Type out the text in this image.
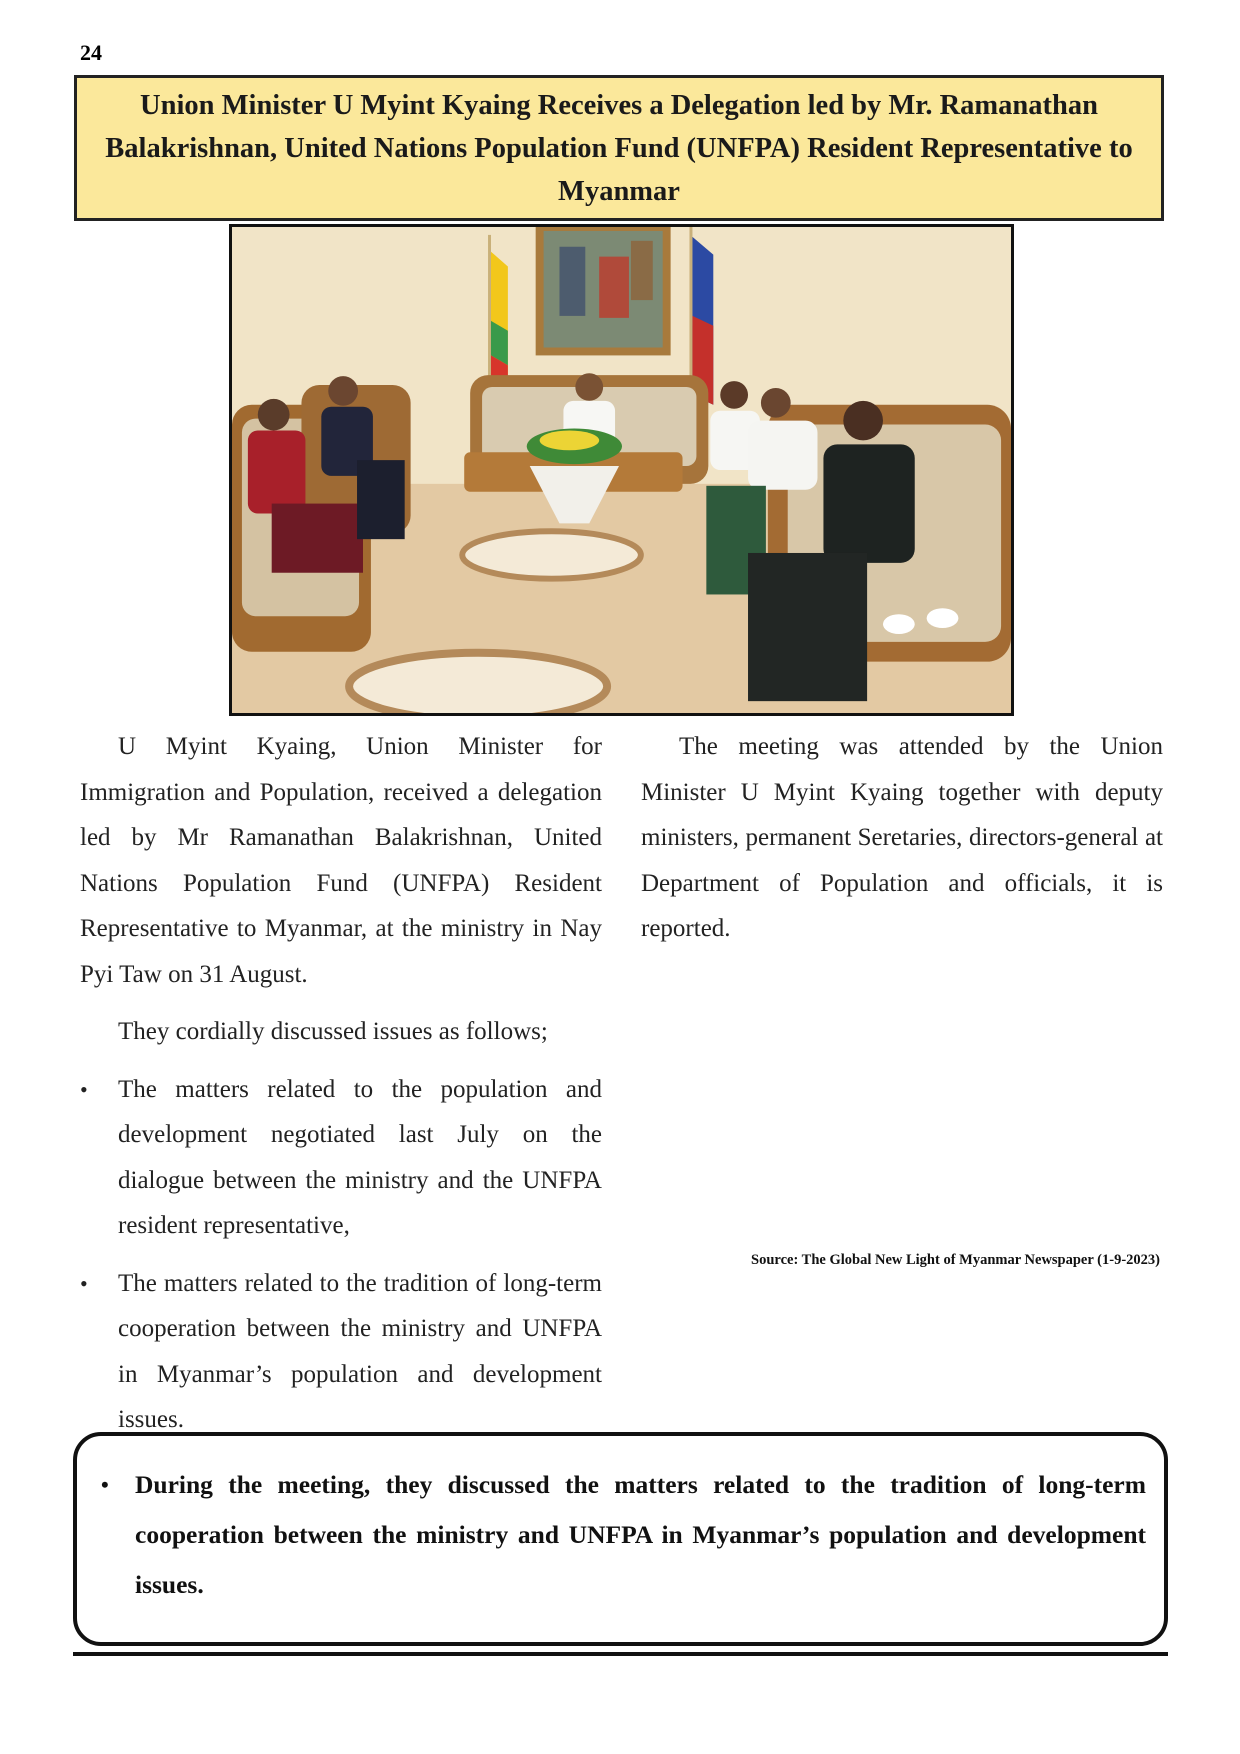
24
Union Minister U Myint Kyaing Receives a Delegation led by Mr. Ramanathan Balakrishnan, United Nations Population Fund (UNFPA) Resident Representative to Myanmar

U Myint Kyaing, Union Minister for Immigration and Population, received a delegation led by Mr Ramanathan Balakrishnan, United Nations Population Fund (UNFPA) Resident Representative to Myanmar, at the ministry in Nay Pyi Taw on 31 August.

They cordially discussed issues as follows;

• The matters related to the population and development negotiated last July on the dialogue between the ministry and the UNFPA resident representative,
• The matters related to the tradition of long-term cooperation between the ministry and UNFPA in Myanmar’s population and development issues.

The meeting was attended by the Union Minister U Myint Kyaing together with deputy ministers, permanent Seretaries, directors-general at Department of Population and officials, it is reported.

Source: The Global New Light of Myanmar Newspaper (1-9-2023)
• During the meeting, they discussed the matters related to the tradition of long-term cooperation between the ministry and UNFPA in Myanmar’s population and development issues.
